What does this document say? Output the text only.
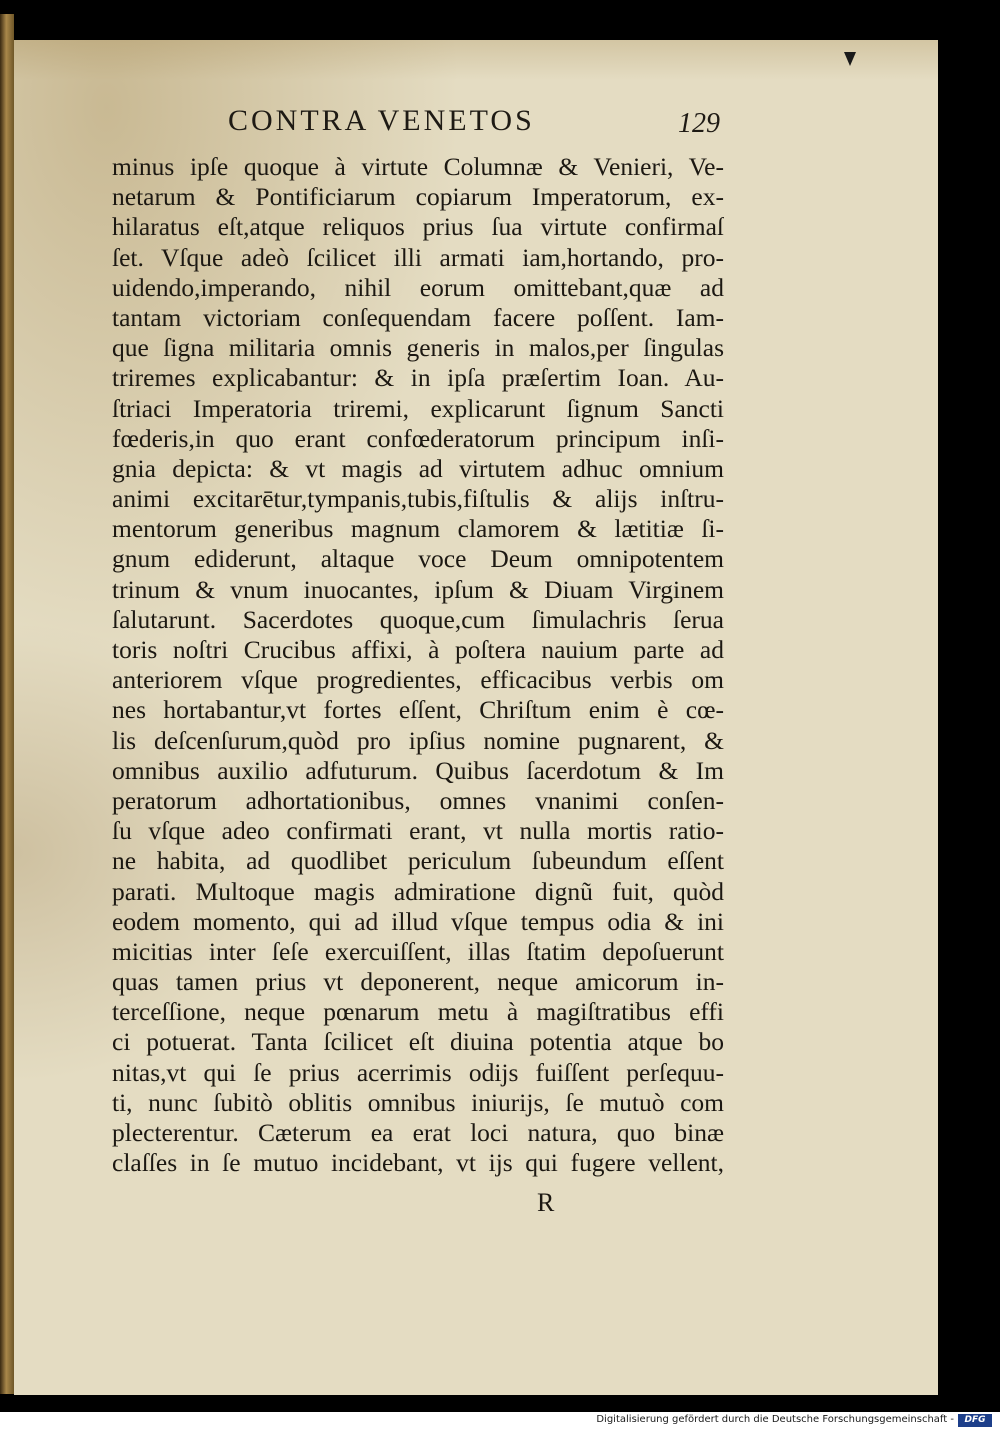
CONTRA VENETOS	129
minus ipſe quoque à virtute Columnæ & Venieri, Ve-
netarum & Pontificiarum copiarum Imperatorum, ex-
hilaratus eſt,atque reliquos prius ſua virtute confirmaſ
ſet. Vſque adeò ſcilicet illi armati iam,hortando, pro-
uidendo,imperando, nihil eorum omittebant,quæ ad
tantam victoriam conſequendam facere poſſent. Iam-
que ſigna militaria omnis generis in malos,per ſingulas
triremes explicabantur: & in ipſa præſertim Ioan. Au-
ſtriaci Imperatoria triremi, explicarunt ſignum Sancti
fœderis,in quo erant confœderatorum principum inſi-
gnia depicta: & vt magis ad virtutem adhuc omnium
animi excitarētur,tympanis,tubis,fiſtulis & alijs inſtru-
mentorum generibus magnum clamorem & lætitiæ ſi-
gnum ediderunt, altaque voce Deum omnipotentem
trinum & vnum inuocantes, ipſum & Diuam Virginem
ſalutarunt. Sacerdotes quoque,cum ſimulachris ſerua
toris noſtri Crucibus affixi, à poſtera nauium parte ad
anteriorem vſque progredientes, efficacibus verbis om
nes hortabantur,vt fortes eſſent, Chriſtum enim è cœ-
lis deſcenſurum,quòd pro ipſius nomine pugnarent, &
omnibus auxilio adfuturum. Quibus ſacerdotum & Im
peratorum adhortationibus, omnes vnanimi conſen-
ſu vſque adeo confirmati erant, vt nulla mortis ratio-
ne habita, ad quodlibet periculum ſubeundum eſſent
parati. Multoque magis admiratione dignũ fuit, quòd
eodem momento, qui ad illud vſque tempus odia & ini
micitias inter ſeſe exercuiſſent, illas ſtatim depoſuerunt
quas tamen prius vt deponerent, neque amicorum in-
terceſſione, neque pœnarum metu à magiſtratibus effi
ci potuerat. Tanta ſcilicet eſt diuina potentia atque bo
nitas,vt qui ſe prius acerrimis odijs fuiſſent perſequu-
ti, nunc ſubitò oblitis omnibus iniurijs, ſe mutuò com
plecterentur. Cæterum ea erat loci natura, quo binæ
claſſes in ſe mutuo incidebant, vt ijs qui fugere vellent,
R
Digitalisierung gefördert durch die Deutsche Forschungsgemeinschaft -	DFG
